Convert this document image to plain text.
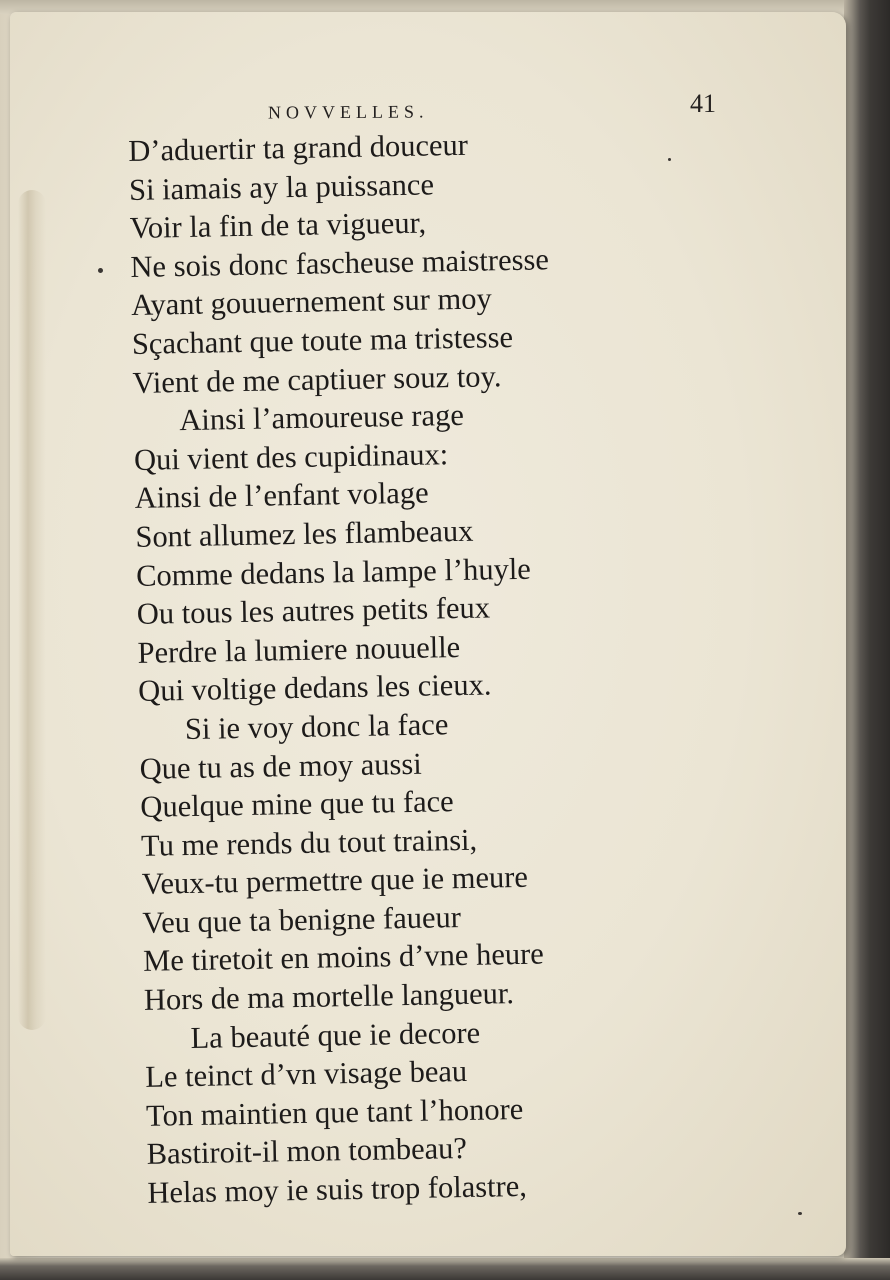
NOVVELLES.	41
D’aduertir ta grand douceur
Si iamais ay la puissance
Voir la fin de ta vigueur,
Ne sois donc fascheuse maistresse
Ayant gouuernement sur moy
Sçachant que toute ma tristesse
Vient de me captiuer souz toy.
Ainsi l’amoureuse rage
Qui vient des cupidinaux:
Ainsi de l’enfant volage
Sont allumez les flambeaux
Comme dedans la lampe l’huyle
Ou tous les autres petits feux
Perdre la lumiere nouuelle
Qui voltige dedans les cieux.
Si ie voy donc la face
Que tu as de moy aussi
Quelque mine que tu face
Tu me rends du tout trainsi,
Veux-tu permettre que ie meure
Veu que ta benigne faueur
Me tiretoit en moins d’vne heure
Hors de ma mortelle langueur.
La beauté que ie decore
Le teinct d’vn visage beau
Ton maintien que tant l’honore
Bastiroit-il mon tombeau?
Helas moy ie suis trop folastre,
